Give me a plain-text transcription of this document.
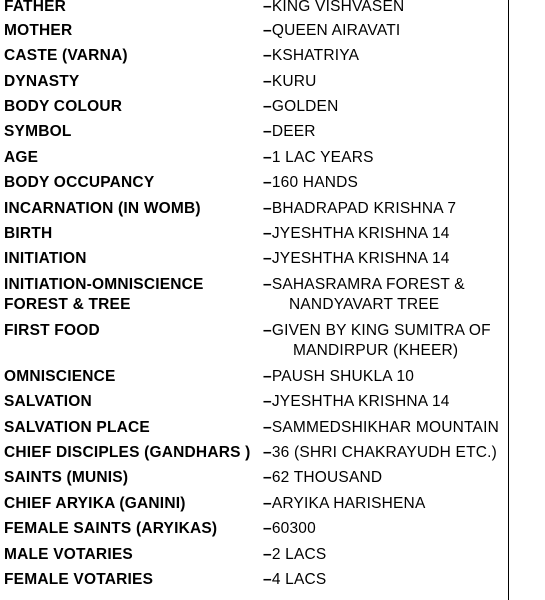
FATHER	–KING VISHVASEN
MOTHER	–QUEEN AIRAVATI
CASTE (VARNA)	–KSHATRIYA
DYNASTY	–KURU
BODY COLOUR	–GOLDEN
SYMBOL	–DEER
AGE	–1 LAC YEARS
BODY OCCUPANCY	–160 HANDS
INCARNATION (IN WOMB)	–BHADRAPAD KRISHNA 7
BIRTH	–JYESHTHA KRISHNA 14
INITIATION	–JYESHTHA KRISHNA 14
INITIATION-OMNISCIENCE
FOREST & TREE
–SAHASRAMRA FOREST &
NANDYAVART TREE
FIRST FOOD	–GIVEN BY KING SUMITRA OF
MANDIRPUR (KHEER)
OMNISCIENCE	–PAUSH SHUKLA 10
SALVATION	–JYESHTHA KRISHNA 14
SALVATION PLACE	–SAMMEDSHIKHAR MOUNTAIN
CHIEF DISCIPLES (GANDHARS ) –36 (SHRI CHAKRAYUDH ETC.)
SAINTS (MUNIS)	–62 THOUSAND
CHIEF ARYIKA (GANINI)	–ARYIKA HARISHENA
FEMALE SAINTS (ARYIKAS)	–60300
MALE VOTARIES	–2 LACS
FEMALE VOTARIES	–4 LACS
